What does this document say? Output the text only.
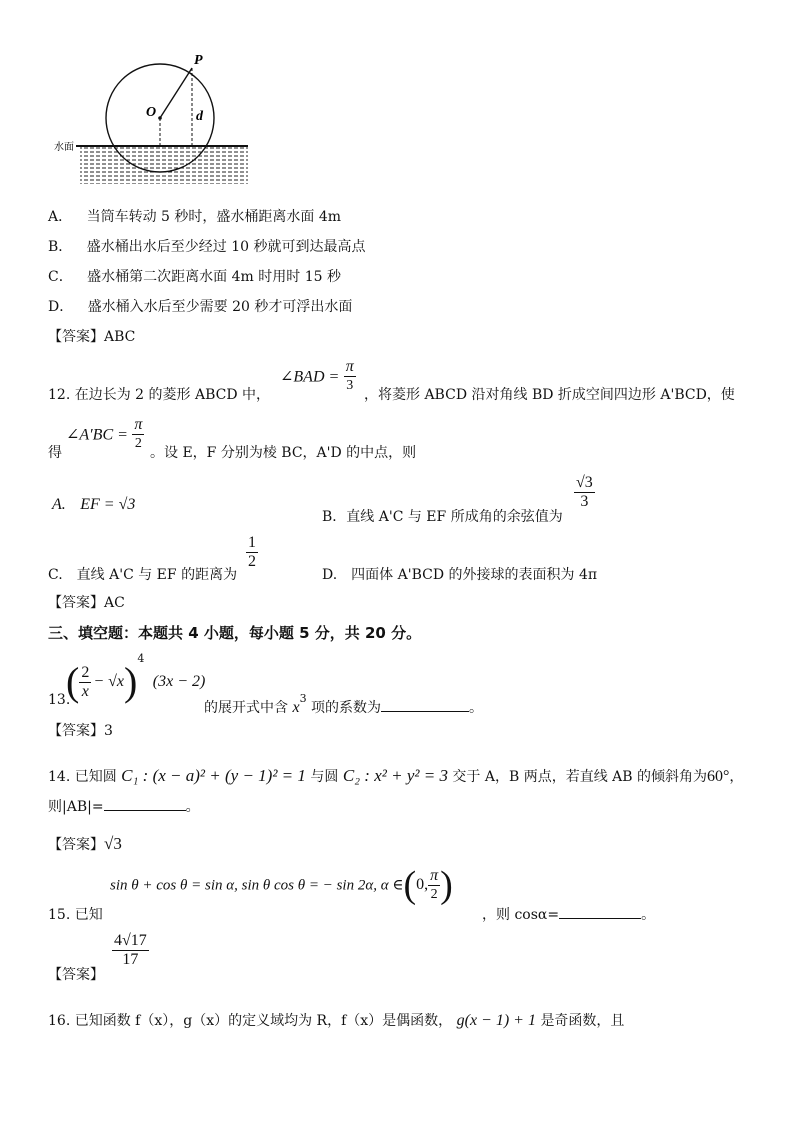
P
O	d
水面
A． 当筒车转动 5 秒时，盛水桶距离水面 4m
B． 盛水桶出水后至少经过 10 秒就可到达最高点
C． 盛水桶第二次距离水面 4m 时用时 15 秒
D． 盛水桶入水后至少需要 20 秒才可浮出水面
【答案】ABC
12. 在边长为 2 的菱形 ABCD 中，
∠BAD = $\frac{\pi}{3}$ ，将菱形 ABCD 沿对角线 BD 折成空间四边形 A'BCD，使
得
∠A′BC = $\frac{\pi}{2}$ 。设 E，F 分别为棱 BC，A'D 的中点，则
A. EF = √3
B．直线 A'C 与 EF 所成角的余弦值为
$\frac{√3}{3}$
C.　直线 A'C 与 EF 的距离为
$\frac{1}{2}$
D.　四面体 A'BCD 的外接球的表面积为 4π
【答案】AC
三、填空题：本题共 4 小题，每小题 5 分，共 20 分。
13.
( $\frac{2}{x} - √x)^4$ (3x − 2)
的展开式中含 $x^3$ 项的系数为	。
【答案】3
14. 已知圆 C₁ : (x − a)² + (y − 1)² = 1 与圆 C₂ : x² + y² = 3 交于 A，B 两点，若直线 AB 的倾斜角为60°，
则|AB|=	。
【答案】√3
sin θ + cos θ = sin α, sin θ cos θ = − sin 2α, α ∈(0, $\frac{\pi}{2}$ )
15. 已知	，则 cosα=	。
【答案】
$\frac{4√17}{17}$
16. 已知函数 f（x），g（x）的定义域均为 R，f（x）是偶函数， g(x − 1) + 1 是奇函数，且
